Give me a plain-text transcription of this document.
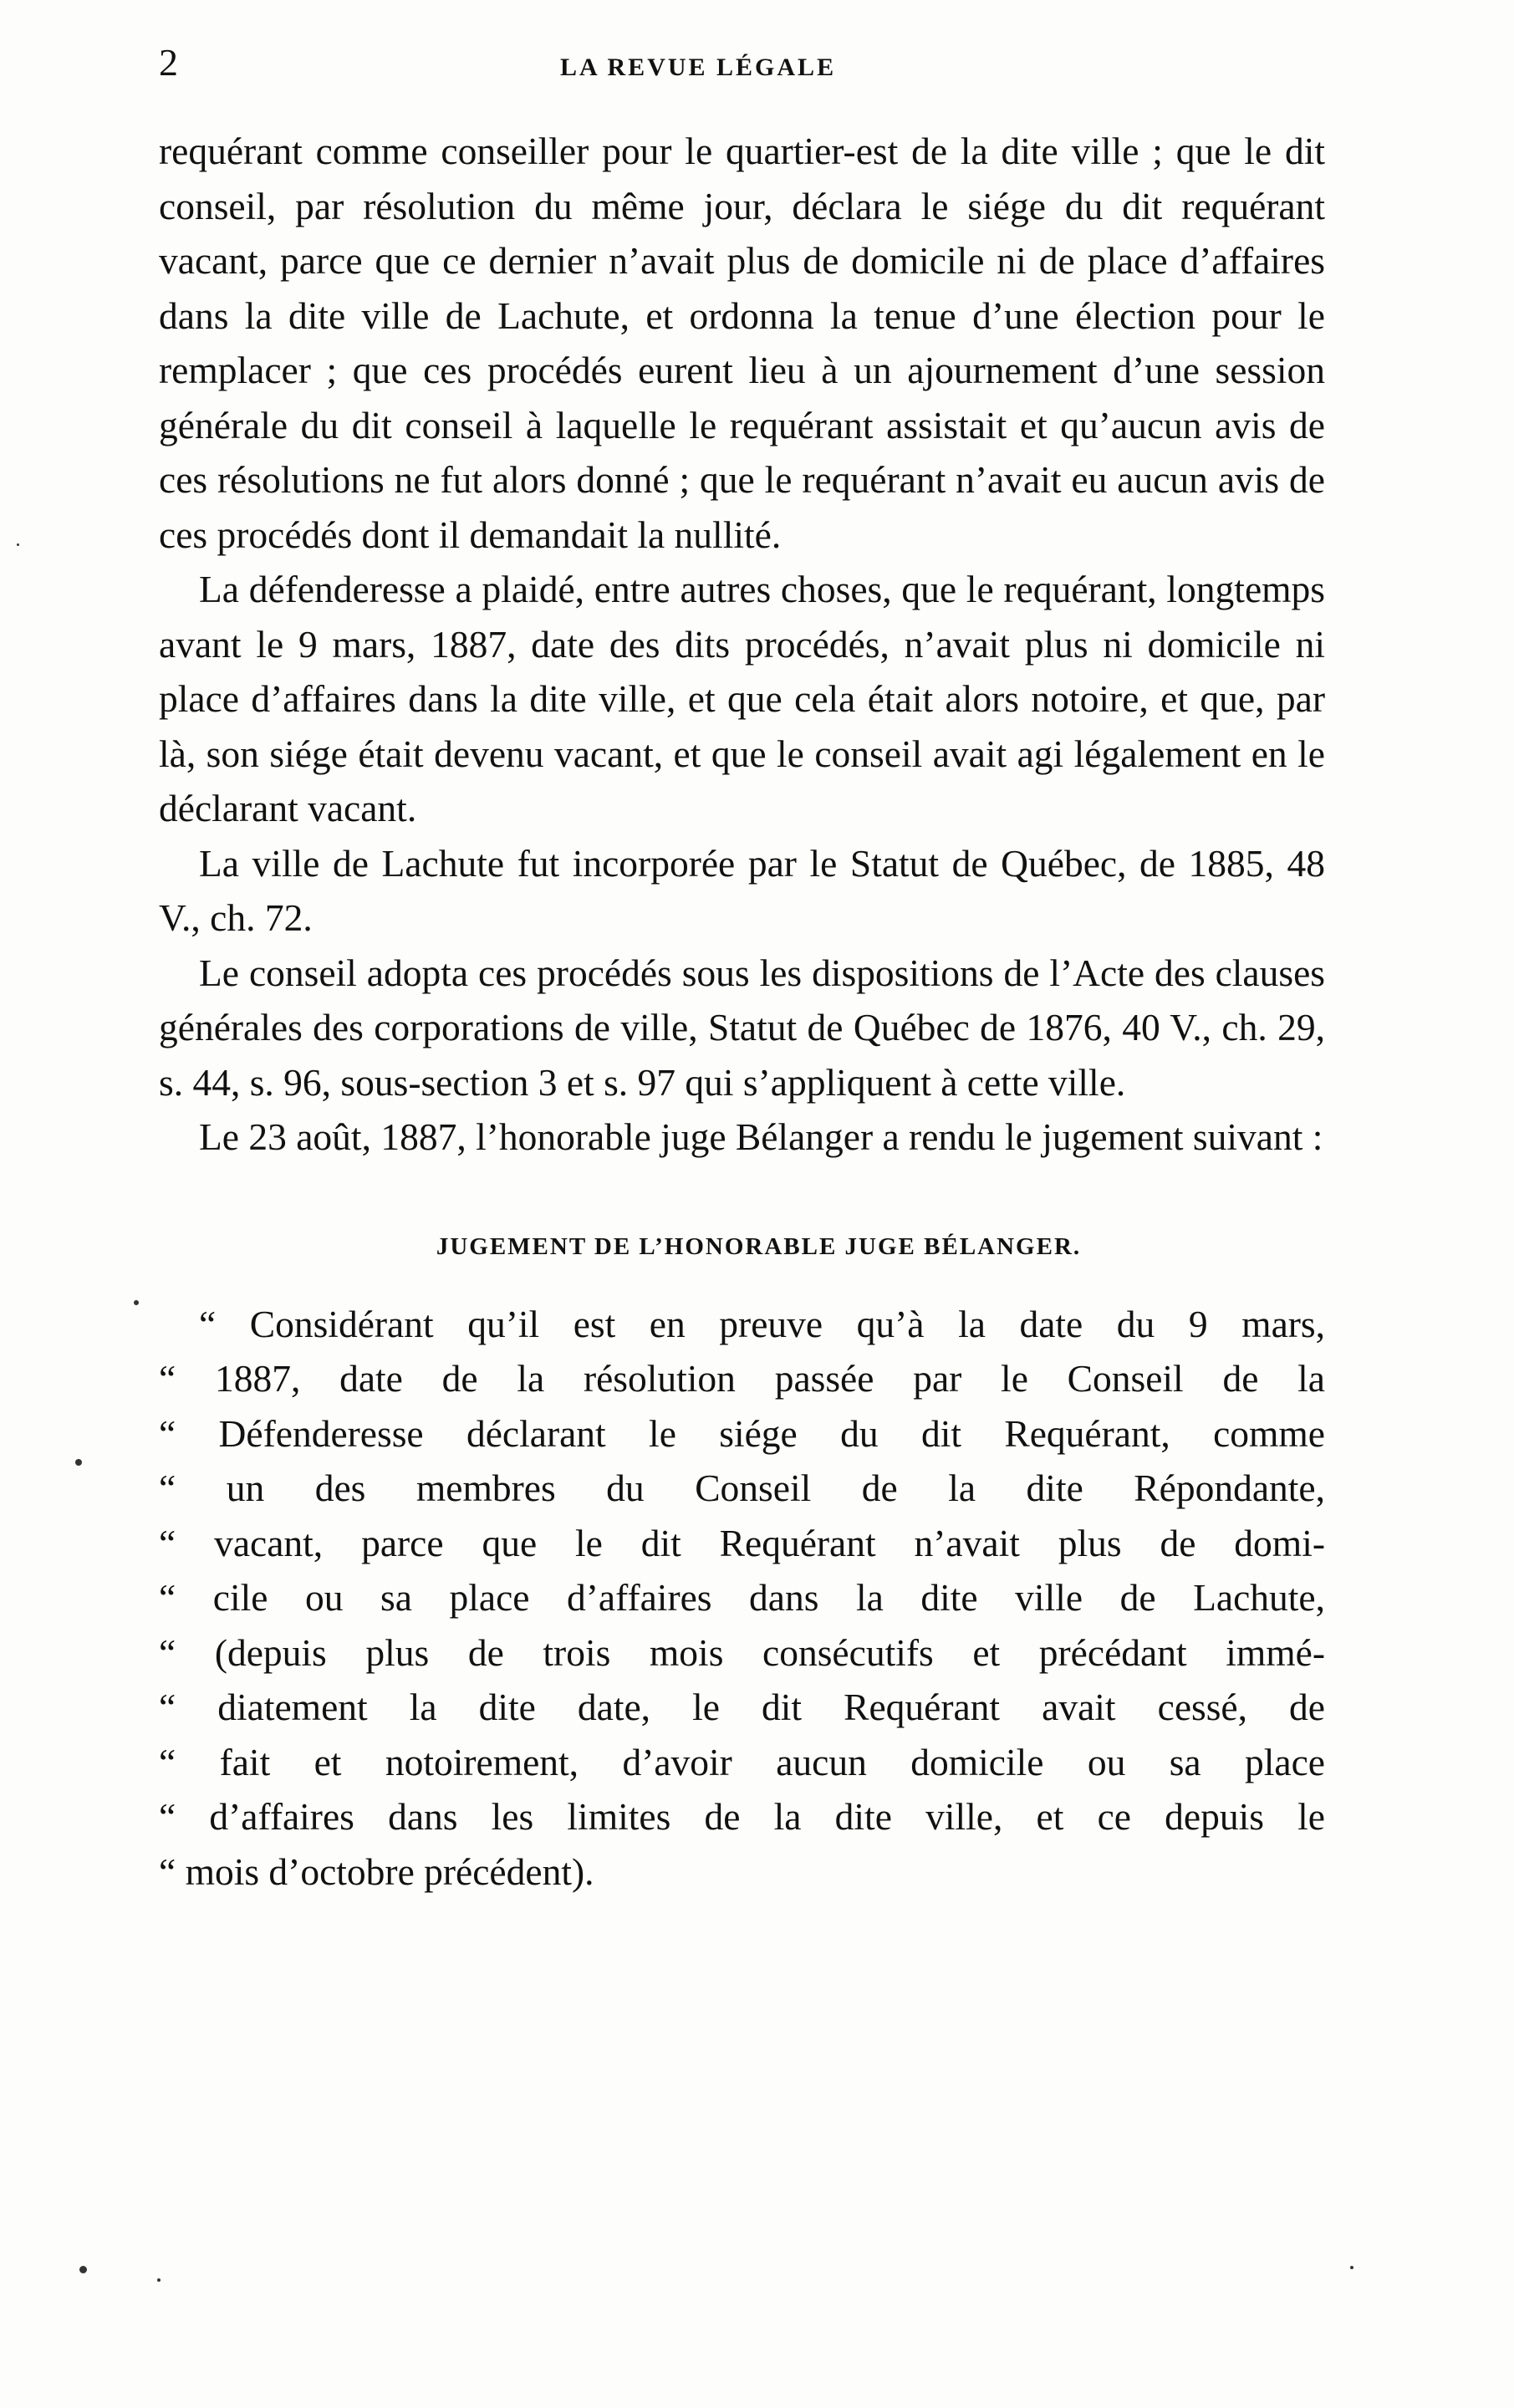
2	LA REVUE LÉGALE

requérant comme conseiller pour le quartier-est de la dite ville ; que le dit conseil, par résolution du même jour, déclara le siége du dit requérant vacant, parce que ce dernier n’avait plus de domicile ni de place d’affaires dans la dite ville de Lachute, et ordonna la tenue d’une élection pour le remplacer ; que ces procédés eurent lieu à un ajournement d’une session générale du dit conseil à laquelle le requérant assistait et qu’aucun avis de ces résolutions ne fut alors donné ; que le requérant n’avait eu aucun avis de ces procédés dont il demandait la nullité.

La défenderesse a plaidé, entre autres choses, que le requérant, longtemps avant le 9 mars, 1887, date des dits procédés, n’avait plus ni domicile ni place d’affaires dans la dite ville, et que cela était alors notoire, et que, par là, son siége était devenu vacant, et que le conseil avait agi légalement en le déclarant vacant.

La ville de Lachute fut incorporée par le Statut de Québec, de 1885, 48 V., ch. 72.

Le conseil adopta ces procédés sous les dispositions de l’Acte des clauses générales des corporations de ville, Statut de Québec de 1876, 40 V., ch. 29, s. 44, s. 96, sous-section 3 et s. 97 qui s’appliquent à cette ville.

Le 23 août, 1887, l’honorable juge Bélanger a rendu le jugement suivant :

JUGEMENT DE L’HONORABLE JUGE BÉLANGER.

“ Considérant qu’il est en preuve qu’à la date du 9 mars,

“ 1887, date de la résolution passée par le Conseil de la

“ Défenderesse déclarant le siége du dit Requérant, comme

“ un des membres du Conseil de la dite Répondante,

“ vacant, parce que le dit Requérant n’avait plus de domi-

“ cile ou sa place d’affaires dans la dite ville de Lachute,

“ (depuis plus de trois mois consécutifs et précédant immé-

“ diatement la dite date, le dit Requérant avait cessé, de

“ fait et notoirement, d’avoir aucun domicile ou sa place

“ d’affaires dans les limites de la dite ville, et ce depuis le

“ mois d’octobre précédent).
